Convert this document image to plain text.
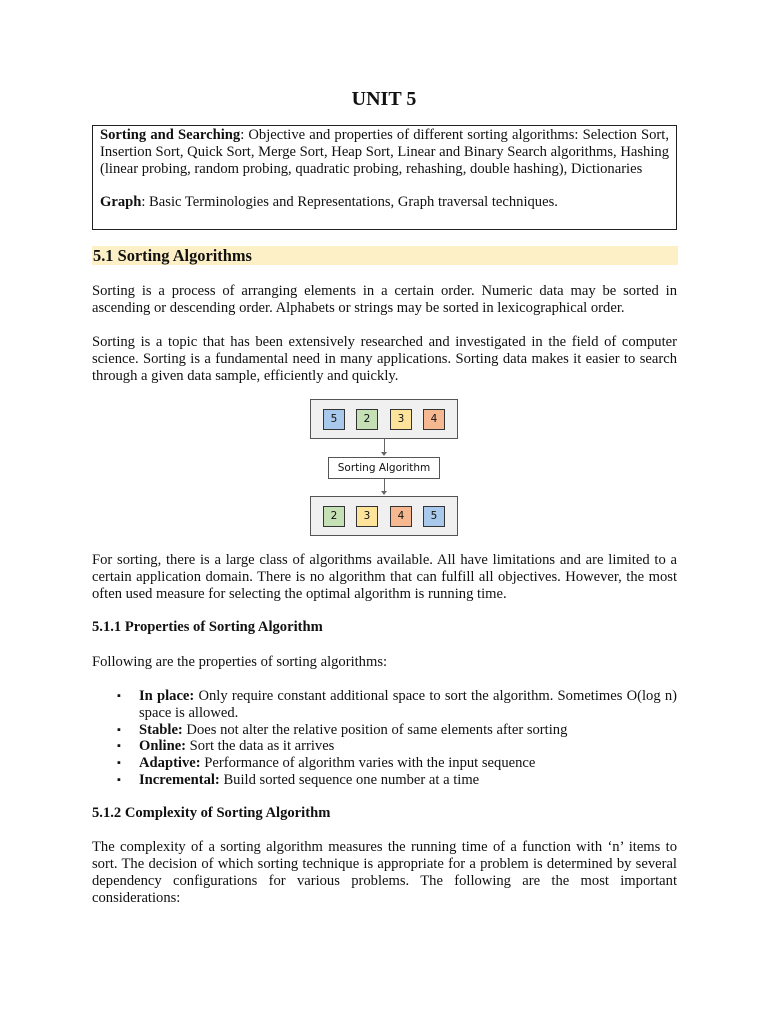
UNIT 5

Sorting and Searching: Objective and properties of different sorting algorithms: Selection Sort, Insertion Sort, Quick Sort, Merge Sort, Heap Sort, Linear and Binary Search algorithms, Hashing (linear probing, random probing, quadratic probing, rehashing, double hashing), Dictionaries

Graph: Basic Terminologies and Representations, Graph traversal techniques.

5.1 Sorting Algorithms

Sorting is a process of arranging elements in a certain order. Numeric data may be sorted in ascending or descending order. Alphabets or strings may be sorted in lexicographical order.

Sorting is a topic that has been extensively researched and investigated in the field of computer science. Sorting is a fundamental need in many applications. Sorting data makes it easier to search through a given data sample, efficiently and quickly.

5	2	3	4
Sorting Algorithm
2	3	4	5

For sorting, there is a large class of algorithms available. All have limitations and are limited to a certain application domain. There is no algorithm that can fulfill all objectives. However, the most often used measure for selecting the optimal algorithm is running time.

5.1.1 Properties of Sorting Algorithm
Following are the properties of sorting algorithms:
▪ In place: Only require constant additional space to sort the algorithm. Sometimes O(log n) space is allowed.
▪ Stable: Does not alter the relative position of same elements after sorting
▪ Online: Sort the data as it arrives
▪ Adaptive: Performance of algorithm varies with the input sequence
▪ Incremental: Build sorted sequence one number at a time
5.1.2 Complexity of Sorting Algorithm

The complexity of a sorting algorithm measures the running time of a function with ‘n’ items to sort. The decision of which sorting technique is appropriate for a problem is determined by several dependency configurations for various problems. The following are the most important considerations:
